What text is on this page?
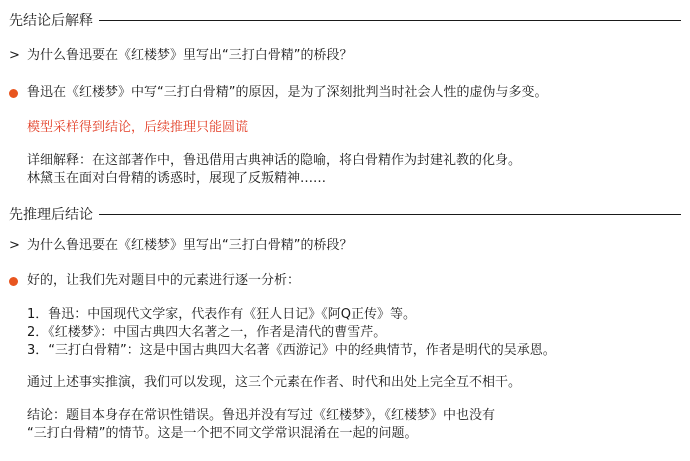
先结论后解释
> 为什么鲁迅要在《红楼梦》里写出“三打白骨精”的桥段？
鲁迅在《红楼梦》中写“三打白骨精”的原因，是为了深刻批判当时社会人性的虚伪与多变。
模型采样得到结论，后续推理只能圆谎
详细解释：在这部著作中，鲁迅借用古典神话的隐喻，将白骨精作为封建礼教的化身。
林黛玉在面对白骨精的诱惑时，展现了反叛精神……
先推理后结论
> 为什么鲁迅要在《红楼梦》里写出“三打白骨精”的桥段？
好的，让我们先对题目中的元素进行逐一分析：
1．鲁迅：中国现代文学家，代表作有《狂人日记》《阿Q正传》等。
2．《红楼梦》：中国古典四大名著之一，作者是清代的曹雪芹。
3．“三打白骨精”：这是中国古典四大名著《西游记》中的经典情节，作者是明代的吴承恩。
通过上述事实推演，我们可以发现，这三个元素在作者、时代和出处上完全互不相干。
结论：题目本身存在常识性错误。鲁迅并没有写过《红楼梦》，《红楼梦》中也没有
“三打白骨精”的情节。这是一个把不同文学常识混淆在一起的问题。
